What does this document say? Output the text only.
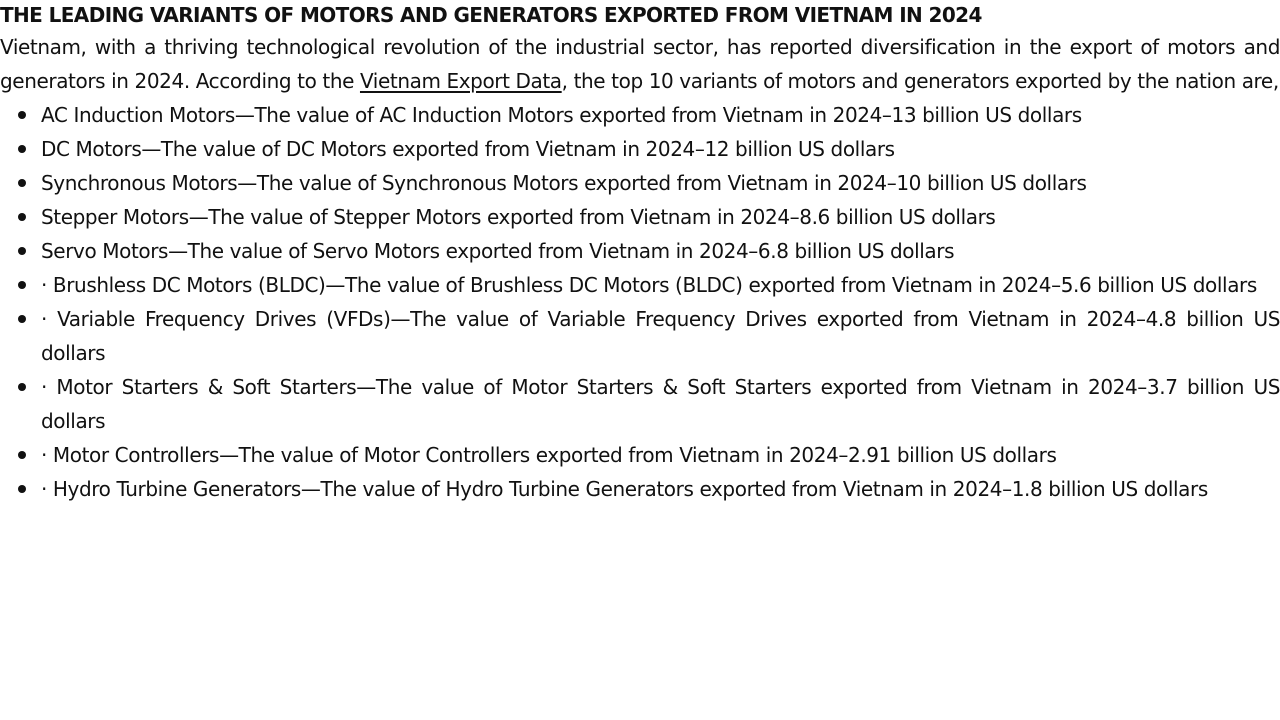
THE LEADING VARIANTS OF MOTORS AND GENERATORS EXPORTED FROM VIETNAM IN 2024

Vietnam, with a thriving technological revolution of the industrial sector, has reported diversification in the export of motors and generators in 2024. According to the Vietnam Export Data, the top 10 variants of motors and generators exported by the nation are,

AC Induction Motors—The value of AC Induction Motors exported from Vietnam in 2024–13 billion US dollars
DC Motors—The value of DC Motors exported from Vietnam in 2024–12 billion US dollars
Synchronous Motors—The value of Synchronous Motors exported from Vietnam in 2024–10 billion US dollars
Stepper Motors—The value of Stepper Motors exported from Vietnam in 2024–8.6 billion US dollars
Servo Motors—The value of Servo Motors exported from Vietnam in 2024–6.8 billion US dollars
· Brushless DC Motors (BLDC)—The value of Brushless DC Motors (BLDC) exported from Vietnam in 2024–5.6 billion US dollars
· Variable Frequency Drives (VFDs)—The value of Variable Frequency Drives exported from Vietnam in 2024–4.8 billion US dollars
· Motor Starters & Soft Starters—The value of Motor Starters & Soft Starters exported from Vietnam in 2024–3.7 billion US dollars
· Motor Controllers—The value of Motor Controllers exported from Vietnam in 2024–2.91 billion US dollars
· Hydro Turbine Generators—The value of Hydro Turbine Generators exported from Vietnam in 2024–1.8 billion US dollars
